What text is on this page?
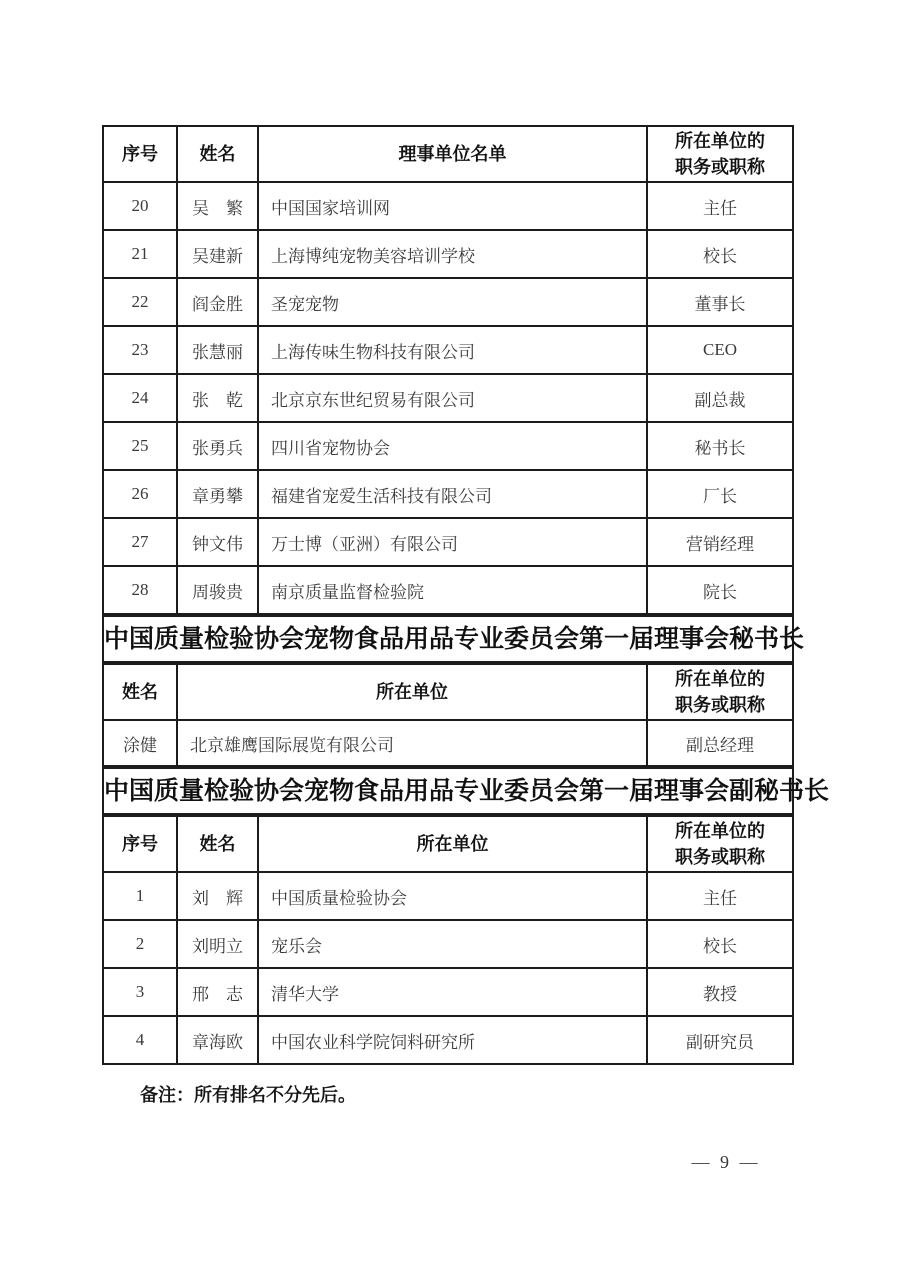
序号	姓名	理事单位名单	所在单位的
职务或职称

20	吴　繁	中国国家培训网	主任
21	吴建新	上海博纯宠物美容培训学校	校长
22	阎金胜	圣宠宠物	董事长
23	张慧丽	上海传味生物科技有限公司	CEO
24	张　乾	北京京东世纪贸易有限公司	副总裁
25	张勇兵	四川省宠物协会	秘书长
26	章勇攀	福建省宠爱生活科技有限公司	厂长
27	钟文伟	万士博（亚洲）有限公司	营销经理
28	周骏贵	南京质量监督检验院	院长
中国质量检验协会宠物食品用品专业委员会第一届理事会秘书长
姓名	所在单位	所在单位的
职务或职称

涂健	北京雄鹰国际展览有限公司	副总经理
中国质量检验协会宠物食品用品专业委员会第一届理事会副秘书长
序号	姓名	所在单位	所在单位的
职务或职称

1	刘　辉	中国质量检验协会	主任
2	刘明立	宠乐会	校长
3	邢　志	清华大学	教授
4	章海欧	中国农业科学院饲料研究所	副研究员
备注：所有排名不分先后。
— 9 —
